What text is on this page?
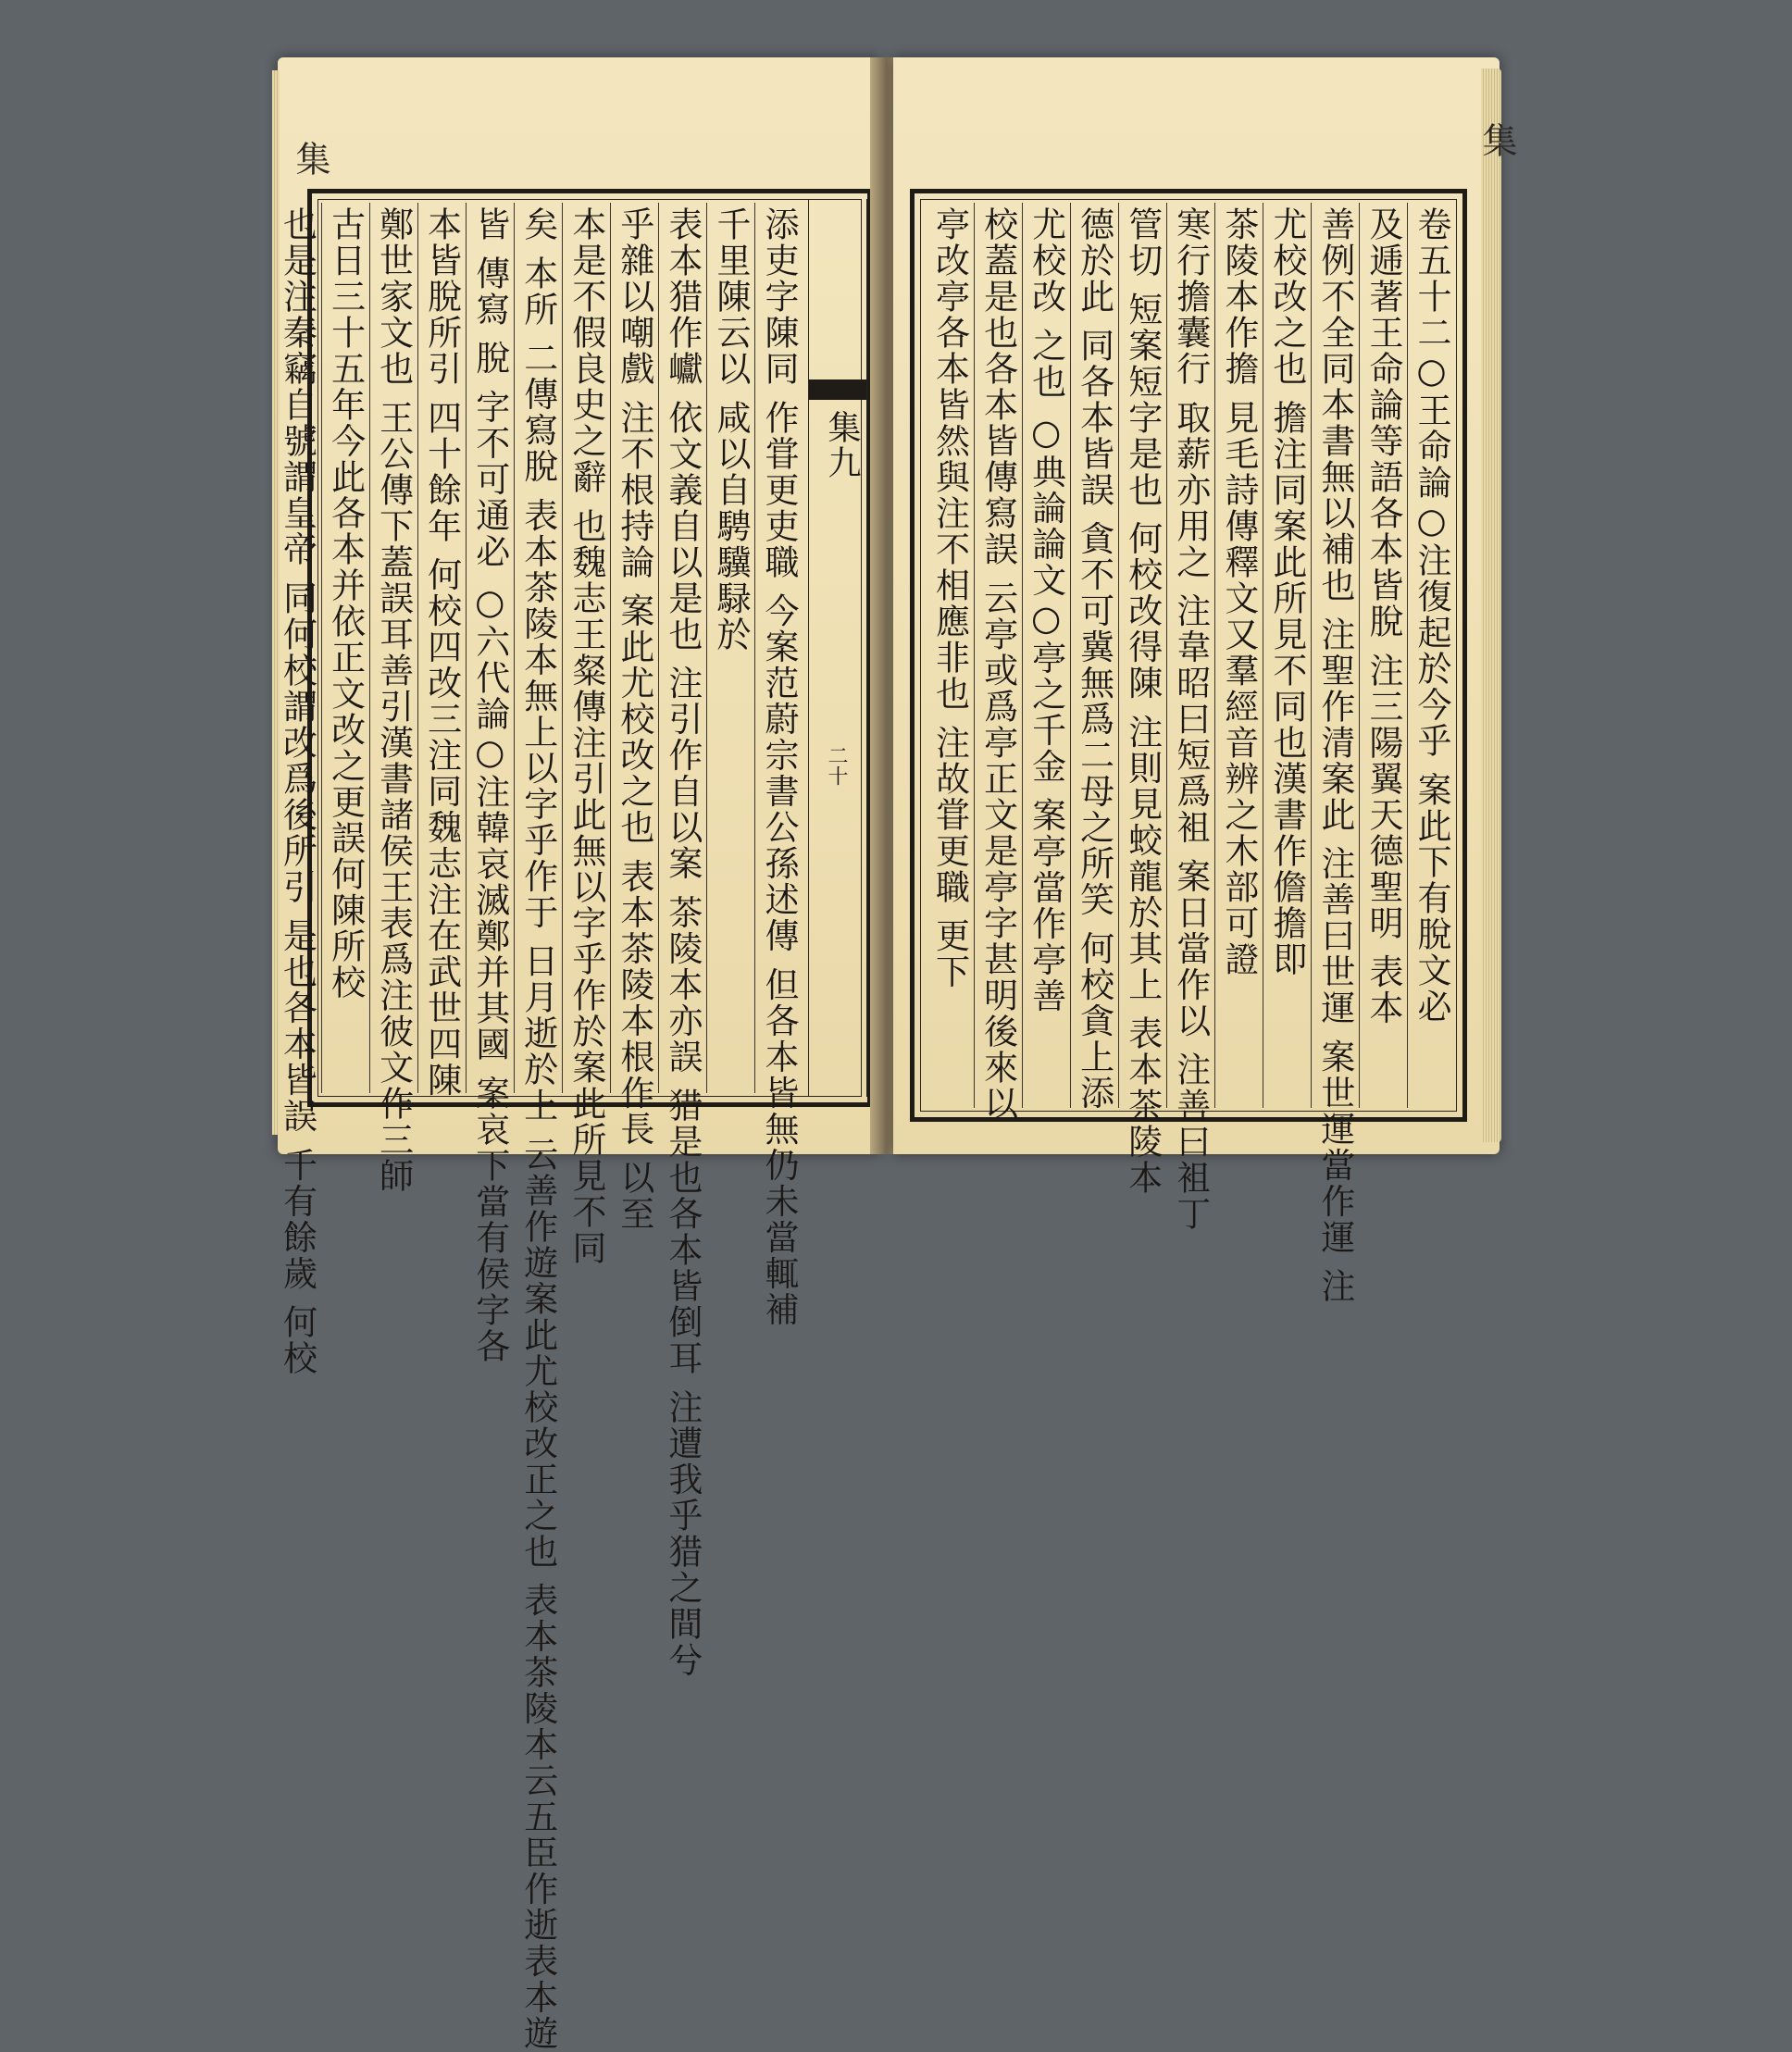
集
集九
二十
添吏字陳同 作甞更吏職 今案范蔚宗書公孫述傳 但各本皆無仍未當輒補
千里陳云以 咸以自騁驥騄於
表本猎作巘 依文義自以是也 注引作自以案 茶陵本亦誤 猎是也各本皆倒耳 注遭我乎猎之間兮
乎雜以嘲戲 注不根持論 案此尤校改之也 表本茶陵本根作長 以至
本是不假良史之辭 也魏志王粲傳注引此無以字乎作於案此所見不同
矣 本所 二傳寫脫 表本茶陵本無上以字乎作于 日月逝於上 云善作遊案此尤校改正之也 表本茶陵本云五臣作逝表本遊
皆 傳寫 脫 字不可通必 ○六代論○注韓哀滅鄭并其國 案哀下當有侯字各
本皆脫所引 四十餘年 何校四改三注同魏志注在武世四陳
鄭世家文也 王公傳下蓋誤耳善引漢書諸侯王表爲注彼文作三師
古日三十五年今此各本并依正文改之更誤何陳所校
也是注秦竊自號謂皇帝 同何校謂改爲後所引 是也各本皆誤 千有餘歲 何校	卷五十二○王命論○注復起於今乎 案此下有脫文必
及逓著王命論等語各本皆脫 注三陽翼天德聖明 表本
善例不全同本書無以補也 注聖作清案此 注善曰世運 案世運當作運 注
尤校改之也 擔注同案此所見不同也漢書作儋擔即
茶陵本作擔 見毛詩傳釋文又羣經音辨之木部可證
寒行擔囊行 取薪亦用之 注韋昭曰短爲袓 案日當作以 注善曰袓丁
管切 短案短字是也 何校改得陳 注則見蛟龍於其上 表本茶陵本
德於此 同各本皆誤 貪不可冀無爲二母之所笑 何校貪上添
尤校改 之也 ○典論論文○亭之千金 案亭當作亭善
校蓋是也各本皆傳寫誤 云亭或爲亭正文是亭字甚明後來以
亭改亭各本皆然與注不相應非也 注故甞更職 更下
集
